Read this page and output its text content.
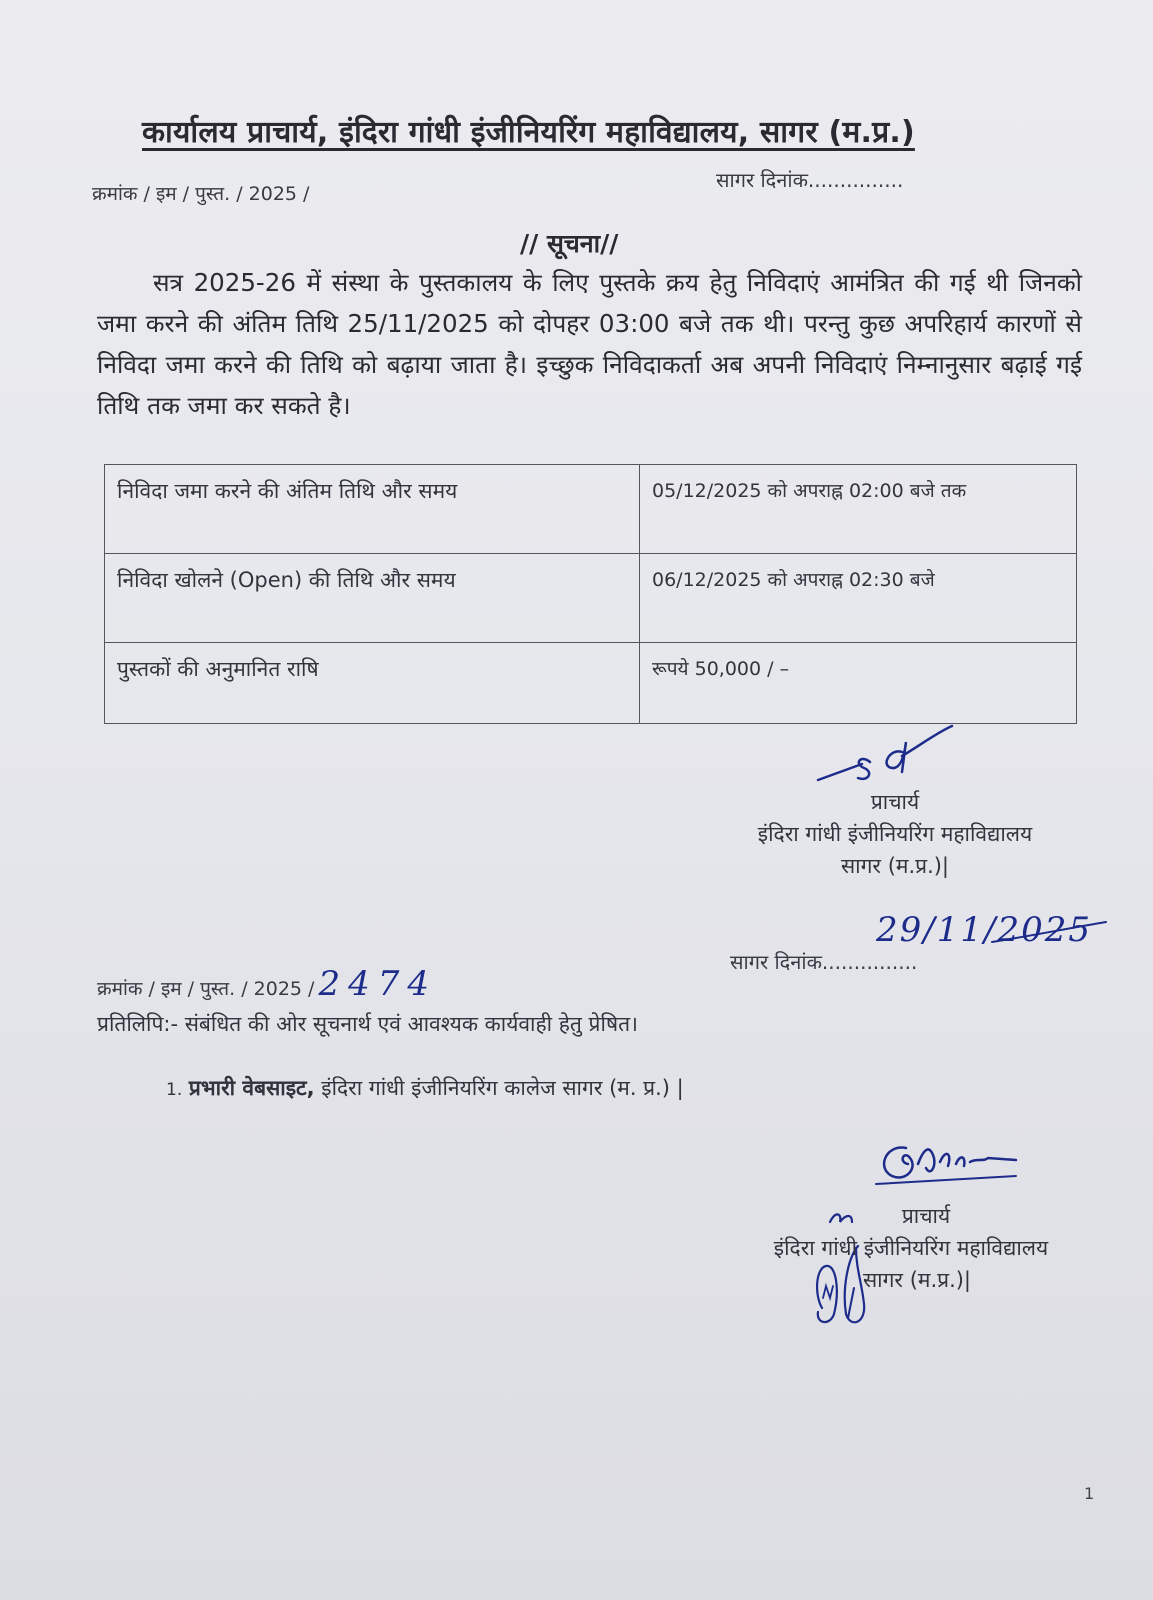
कार्यालय प्राचार्य, इंदिरा गांधी इंजीनियरिंग महाविद्यालय, सागर (म.प्र.)
क्रमांक / इम / पुस्त. / 2025 /
सागर दिनांक...............
// सूचना//
सत्र 2025-26 में संस्था के पुस्तकालय के लिए पुस्तके क्रय हेतु निविदाएं आमंत्रित की गई थी जिनको जमा करने की अंतिम तिथि 25/11/2025 को दोपहर 03:00 बजे तक थी। परन्तु कुछ अपरिहार्य कारणों से निविदा जमा करने की तिथि को बढ़ाया जाता है। इच्छुक निविदाकर्ता अब अपनी निविदाएं निम्नानुसार बढ़ाई गई तिथि तक जमा कर सकते है।
निविदा जमा करने की अंतिम तिथि और समय	05/12/2025 को अपराह्न 02:00 बजे तक
निविदा खोलने (Open) की तिथि और समय	06/12/2025 को अपराह्न 02:30 बजे
पुस्तकों की अनुमानित राषि	रूपये 50,000 / –
प्राचार्य
इंदिरा गांधी इंजीनियरिंग महाविद्यालय
सागर (म.प्र.)|
क्रमांक / इम / पुस्त. / 2025 / 2474
सागर दिनांक...............
29/11/2025
प्रतिलिपि:- संबंधित की ओर सूचनार्थ एवं आवश्यक कार्यवाही हेतु प्रेषित।
1. प्रभारी वेबसाइट, इंदिरा गांधी इंजीनियरिंग कालेज सागर (म. प्र.) |
प्राचार्य
इंदिरा गांधी इंजीनियरिंग महाविद्यालय
सागर (म.प्र.)|
1
